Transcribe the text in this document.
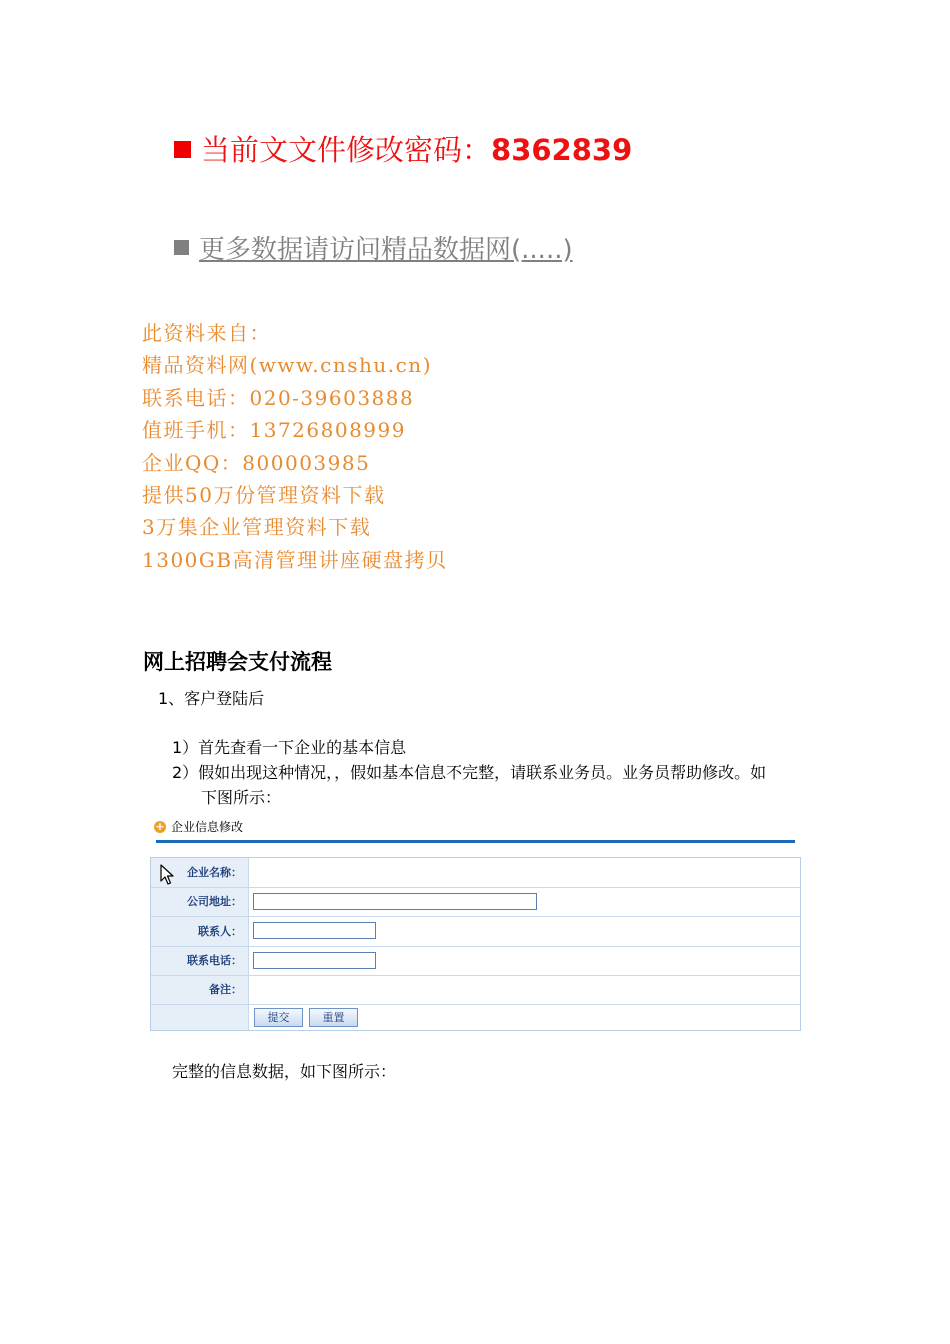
当前文文件修改密码：8362839
更多数据请访问精品数据网(.....)
此资料来自：
精品资料网(www.cnshu.cn)
联系电话：020-39603888
值班手机：13726808999
企业QQ：800003985
提供50万份管理资料下载
3万集企业管理资料下载
1300GB高清管理讲座硬盘拷贝
网上招聘会支付流程
1、客户登陆后
1）首先查看一下企业的基本信息
2）假如出现这种情况，，假如基本信息不完整，请联系业务员。业务员帮助修改。如
下图所示：
+ 企业信息修改
企业名称：
公司地址：
联系人：
联系电话：
备注：
提交	重置
完整的信息数据，如下图所示：
